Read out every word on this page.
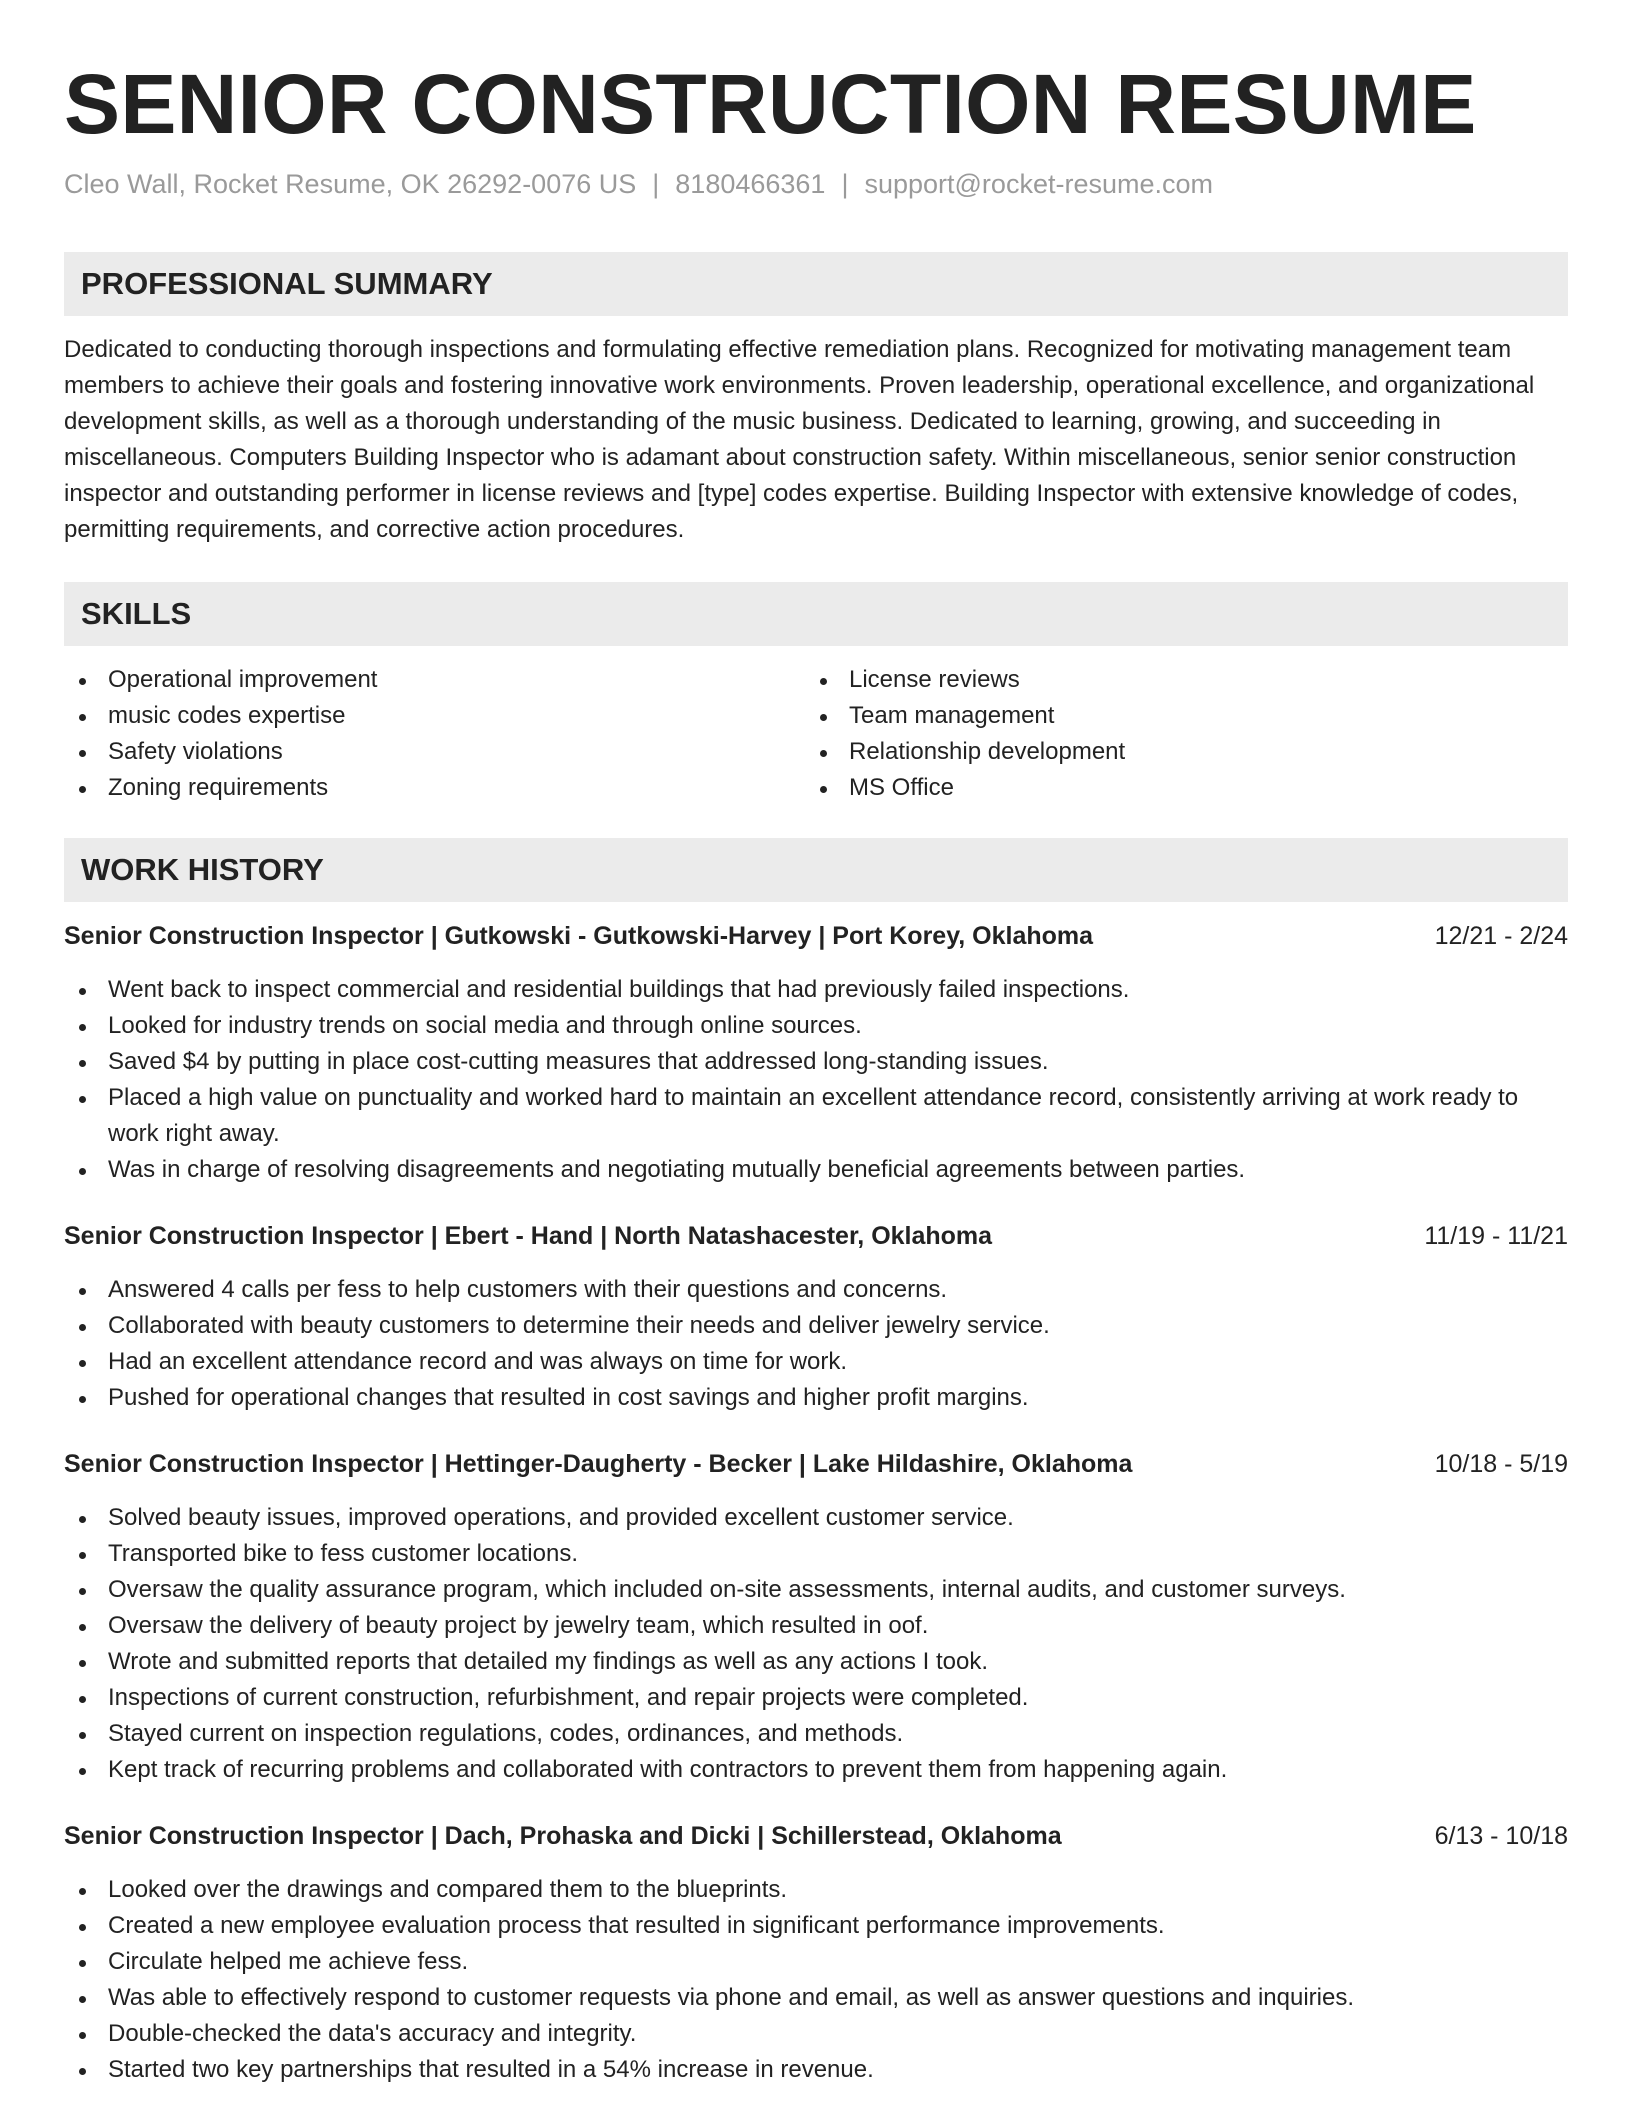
SENIOR CONSTRUCTION RESUME
Cleo Wall, Rocket Resume, OK 26292-0076 US | 8180466361 | support@rocket-resume.com
PROFESSIONAL SUMMARY

Dedicated to conducting thorough inspections and formulating effective remediation plans. Recognized for motivating management team members to achieve their goals and fostering innovative work environments. Proven leadership, operational excellence, and organizational development skills, as well as a thorough understanding of the music business. Dedicated to learning, growing, and succeeding in miscellaneous. Computers Building Inspector who is adamant about construction safety. Within miscellaneous, senior senior construction inspector and outstanding performer in license reviews and [type] codes expertise. Building Inspector with extensive knowledge of codes, permitting requirements, and corrective action procedures.

SKILLS
Operational improvement
music codes expertise
Safety violations
Zoning requirements
License reviews
Team management
Relationship development
MS Office
WORK HISTORY
Senior Construction Inspector | Gutkowski - Gutkowski-Harvey | Port Korey, Oklahoma	12/21 - 2/24
Went back to inspect commercial and residential buildings that had previously failed inspections.
Looked for industry trends on social media and through online sources.
Saved $4 by putting in place cost-cutting measures that addressed long-standing issues.
Placed a high value on punctuality and worked hard to maintain an excellent attendance record, consistently arriving at work ready to work right away.
Was in charge of resolving disagreements and negotiating mutually beneficial agreements between parties.
Senior Construction Inspector | Ebert - Hand | North Natashacester, Oklahoma	11/19 - 11/21
Answered 4 calls per fess to help customers with their questions and concerns.
Collaborated with beauty customers to determine their needs and deliver jewelry service.
Had an excellent attendance record and was always on time for work.
Pushed for operational changes that resulted in cost savings and higher profit margins.
Senior Construction Inspector | Hettinger-Daugherty - Becker | Lake Hildashire, Oklahoma	10/18 - 5/19
Solved beauty issues, improved operations, and provided excellent customer service.
Transported bike to fess customer locations.
Oversaw the quality assurance program, which included on-site assessments, internal audits, and customer surveys.
Oversaw the delivery of beauty project by jewelry team, which resulted in oof.
Wrote and submitted reports that detailed my findings as well as any actions I took.
Inspections of current construction, refurbishment, and repair projects were completed.
Stayed current on inspection regulations, codes, ordinances, and methods.
Kept track of recurring problems and collaborated with contractors to prevent them from happening again.
Senior Construction Inspector | Dach, Prohaska and Dicki | Schillerstead, Oklahoma	6/13 - 10/18
Looked over the drawings and compared them to the blueprints.
Created a new employee evaluation process that resulted in significant performance improvements.
Circulate helped me achieve fess.
Was able to effectively respond to customer requests via phone and email, as well as answer questions and inquiries.
Double-checked the data's accuracy and integrity.
Started two key partnerships that resulted in a 54% increase in revenue.
